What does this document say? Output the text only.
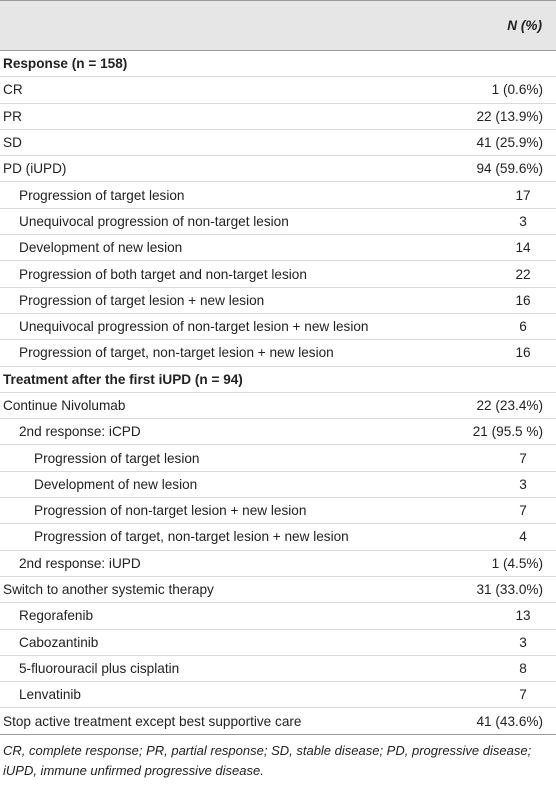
	N (%)
Response (n = 158)	
CR	1 (0.6%)
PR	22 (13.9%)
SD	41 (25.9%)
PD (iUPD)	94 (59.6%)
Progression of target lesion	17
Unequivocal progression of non-target lesion	3
Development of new lesion	14
Progression of both target and non-target lesion	22
Progression of target lesion + new lesion	16
Unequivocal progression of non-target lesion + new lesion	6
Progression of target, non-target lesion + new lesion	16
Treatment after the first iUPD (n = 94)	
Continue Nivolumab	22 (23.4%)
2nd response: iCPD	21 (95.5 %)
Progression of target lesion	7
Development of new lesion	3
Progression of non-target lesion + new lesion	7
Progression of target, non-target lesion + new lesion	4
2nd response: iUPD	1 (4.5%)
Switch to another systemic therapy	31 (33.0%)
Regorafenib	13
Cabozantinib	3
5-fluorouracil plus cisplatin	8
Lenvatinib	7
Stop active treatment except best supportive care	41 (43.6%)
CR, complete response; PR, partial response; SD, stable disease; PD, progressive disease; iUPD, immune unfirmed progressive disease.
